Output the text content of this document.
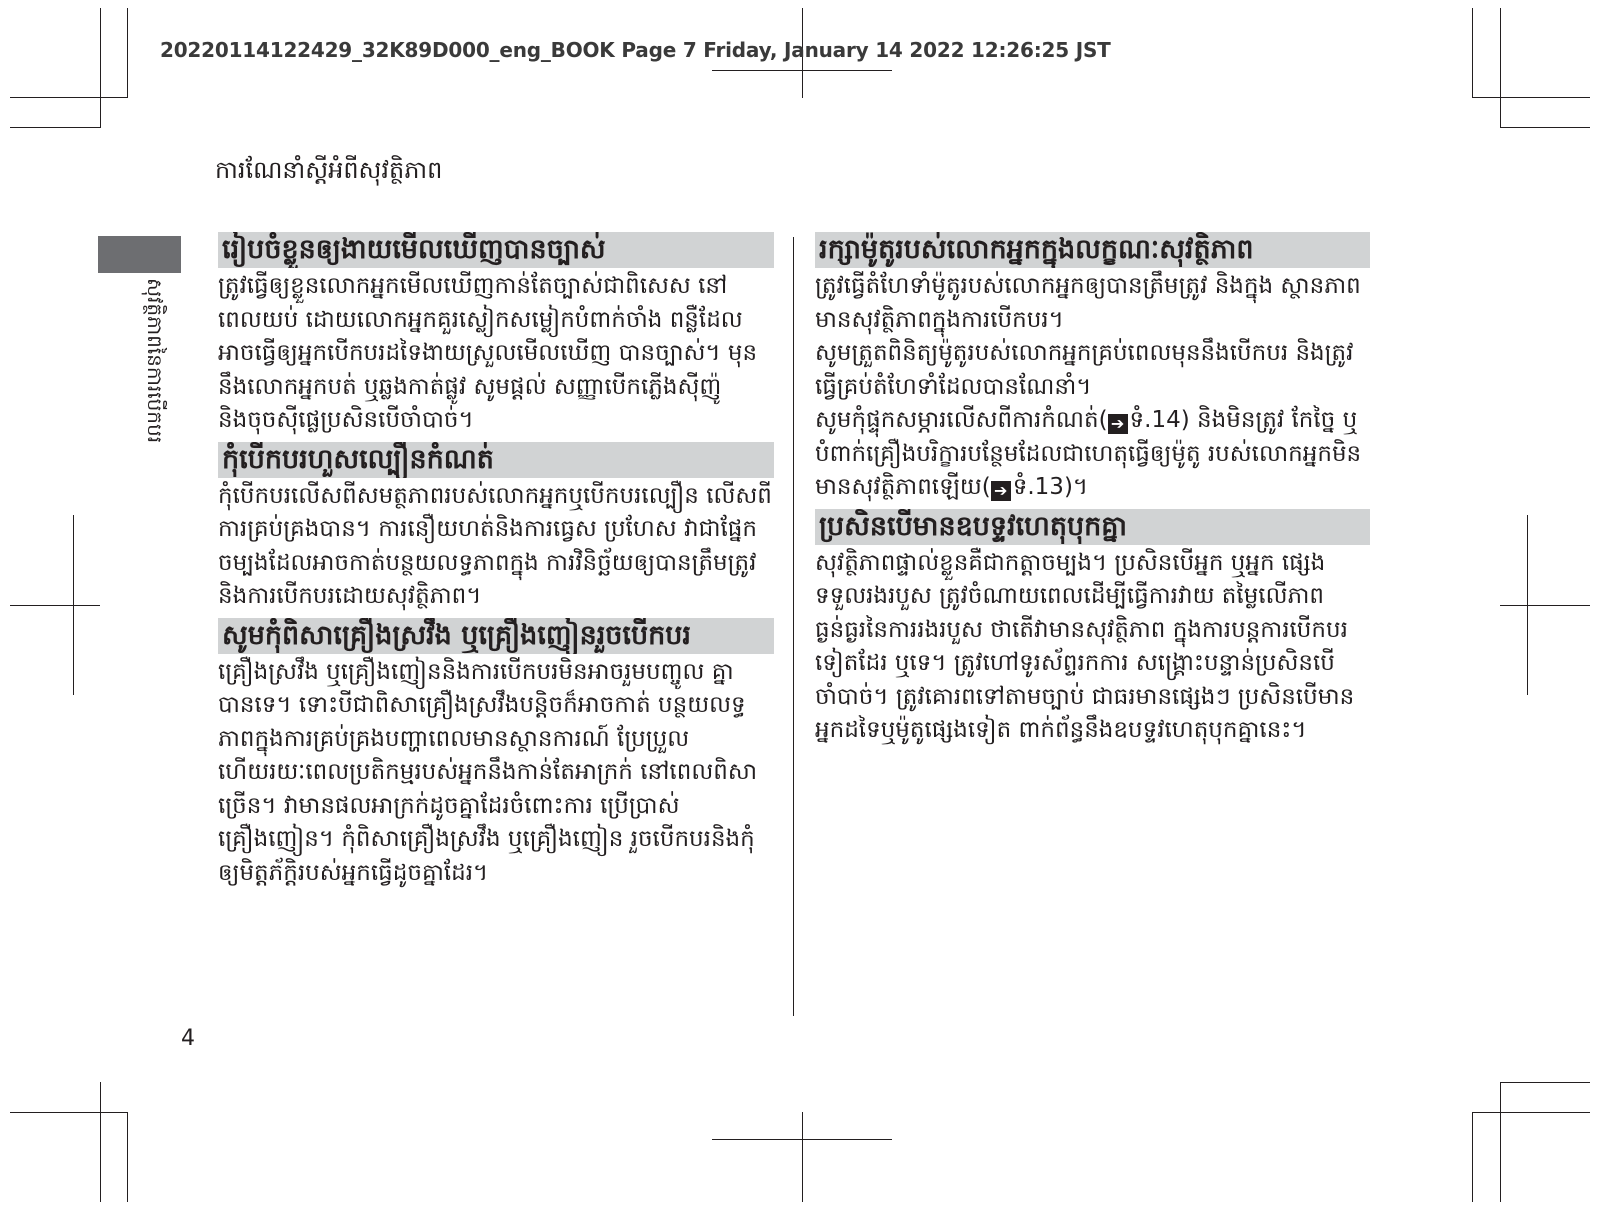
20220114122429_32K89D000_eng_BOOK Page 7 Friday, January 14 2022 12:26:25 JST
ការណែនាំស្តីអំពីសុវត្ថិភាព
សុវត្ថិភាពនៃការបើកបរ
រៀបចំខ្លួនឲ្យងាយមើលឃើញបានច្បាស់
ត្រូវធ្វើឲ្យខ្លួនលោកអ្នកមើលឃើញកាន់តែច្បាស់ជាពិសេស នៅពេលយប់ ដោយលោកអ្នកគួរស្លៀកសម្លៀកបំពាក់ចាំង ពន្លឺដែលអាចធ្វើឲ្យអ្នកបើកបរដទៃងាយស្រួលមើលឃើញ បានច្បាស់។ មុននឹងលោកអ្នកបត់ ឬឆ្លងកាត់ផ្លូវ សូមផ្តល់ សញ្ញាបើកភ្លើងស៊ីញ៉ូ និងចុចស៊ីផ្លេប្រសិនបើចាំបាច់។
កុំបើកបរហួសល្បឿនកំណត់
កុំបើកបរលើសពីសមត្ថភាពរបស់លោកអ្នកឬបើកបរល្បឿន លើសពីការគ្រប់គ្រងបាន។ ការនឿយហត់និងការធ្វេស ប្រហែស វាជាផ្នែកចម្បងដែលអាចកាត់បន្ថយលទ្ធភាពក្នុង ការវិនិច្ឆ័យឲ្យបានត្រឹមត្រូវ និងការបើកបរដោយសុវត្ថិភាព។
សូមកុំពិសាគ្រឿងស្រវឹង ឬគ្រឿងញៀនរួចបើកបរ
គ្រឿងស្រវឹង ឬគ្រឿងញៀននិងការបើកបរមិនអាចរួមបញ្ចូល គ្នាបានទេ។ ទោះបីជាពិសាគ្រឿងស្រវឹងបន្តិចក៏អាចកាត់ បន្ថយលទ្ធភាពក្នុងការគ្រប់គ្រងបញ្ហាពេលមានស្ថានការណ៍ ប្រែប្រួលហើយរយៈពេលប្រតិកម្មរបស់អ្នកនឹងកាន់តែអាក្រក់ នៅពេលពិសាច្រើន។ វាមានផលអាក្រក់ដូចគ្នាដែរចំពោះការ ប្រើប្រាស់គ្រឿងញៀន។ កុំពិសាគ្រឿងស្រវឹង ឬគ្រឿងញៀន រួចបើកបរនិងកុំឲ្យមិត្តភ័ក្តិរបស់អ្នកធ្វើដូចគ្នាដែរ។
រក្សាម៉ូតូរបស់លោកអ្នកក្នុងលក្ខណៈសុវត្ថិភាព

ត្រូវធ្វើតំហែទាំម៉ូតូរបស់លោកអ្នកឲ្យបានត្រឹមត្រូវ និងក្នុង ស្ថានភាពមានសុវត្ថិភាពក្នុងការបើកបរ។

សូមត្រួតពិនិត្យម៉ូតូរបស់លោកអ្នកគ្រប់ពេលមុននឹងបើកបរ និងត្រូវធ្វើគ្រប់តំហែទាំដែលបានណែនាំ។

សូមកុំផ្ទុកសម្ភារលើសពីការកំណត់( ➔ ទំ.14) និងមិនត្រូវ កែច្នៃ ឬបំពាក់គ្រឿងបរិក្ខារបន្ថែមដែលជាហេតុធ្វើឲ្យម៉ូតូ របស់លោកអ្នកមិនមានសុវត្ថិភាពឡើយ( ➔ ទំ.13)។

ប្រសិនបើមានឧបទ្ទវហេតុបុកគ្នា
សុវត្ថិភាពផ្ទាល់ខ្លួនគឺជាកត្តាចម្បង។ ប្រសិនបើអ្នក ឬអ្នក ផ្សេងទទួលរងរបួស ត្រូវចំណាយពេលដើម្បីធ្វើការវាយ តម្លៃលើភាពធ្ងន់ធ្ងរនៃការរងរបួស ថាតើវាមានសុវត្ថិភាព ក្នុងការបន្តការបើកបរទៀតដែរ ឬទេ។ ត្រូវហៅទូរស័ព្ទរកការ សង្គ្រោះបន្ទាន់ប្រសិនបើចាំបាច់។ ត្រូវគោរពទៅតាមច្បាប់ ជាធរមានផ្សេងៗ ប្រសិនបើមានអ្នកដទៃឬម៉ូតូផ្សេងទៀត ពាក់ព័ន្ធនឹងឧបទ្ទវហេតុបុកគ្នានេះ។
4
